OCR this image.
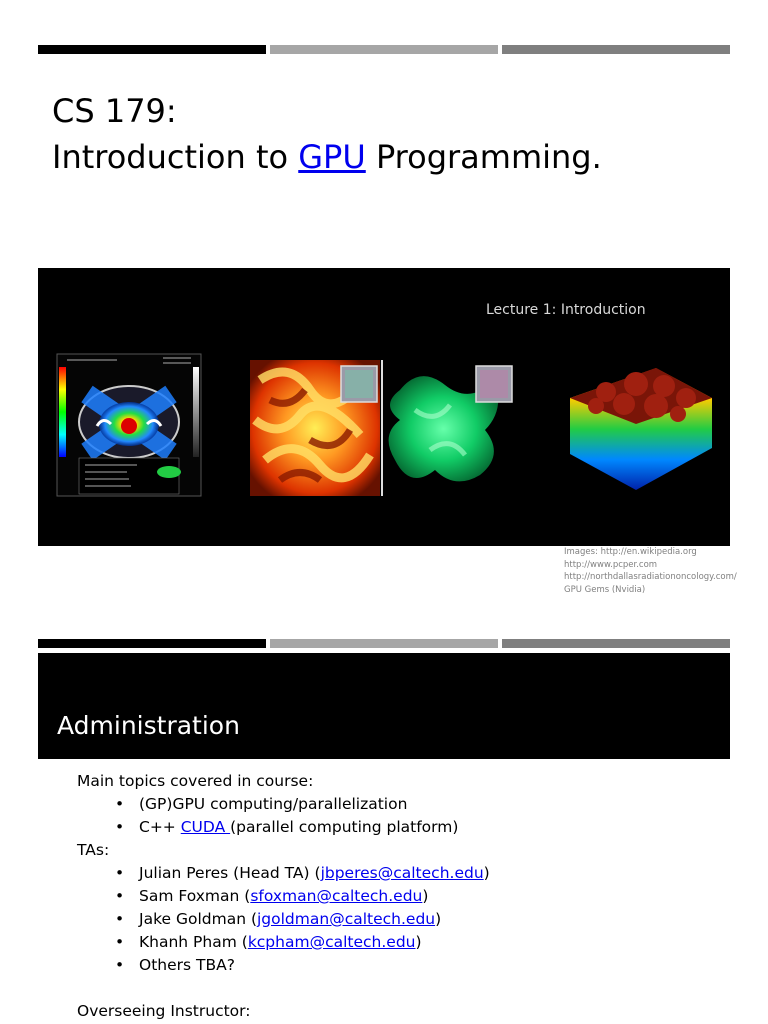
CS 179:
Introduction to GPU Programming.
Lecture 1: Introduction
Images: http://en.wikipedia.org
http://www.pcper.com
http://northdallasradiationoncology.com/
GPU Gems (Nvidia)
Administration
Main topics covered in course:
• (GP)GPU computing/parallelization
• C++ CUDA (parallel computing platform)
TAs:
• Julian Peres (Head TA) (jbperes@caltech.edu)
• Sam Foxman (sfoxman@caltech.edu)
• Jake Goldman (jgoldman@caltech.edu)
• Khanh Pham (kcpham@caltech.edu)
• Others TBA?
Overseeing Instructor:
